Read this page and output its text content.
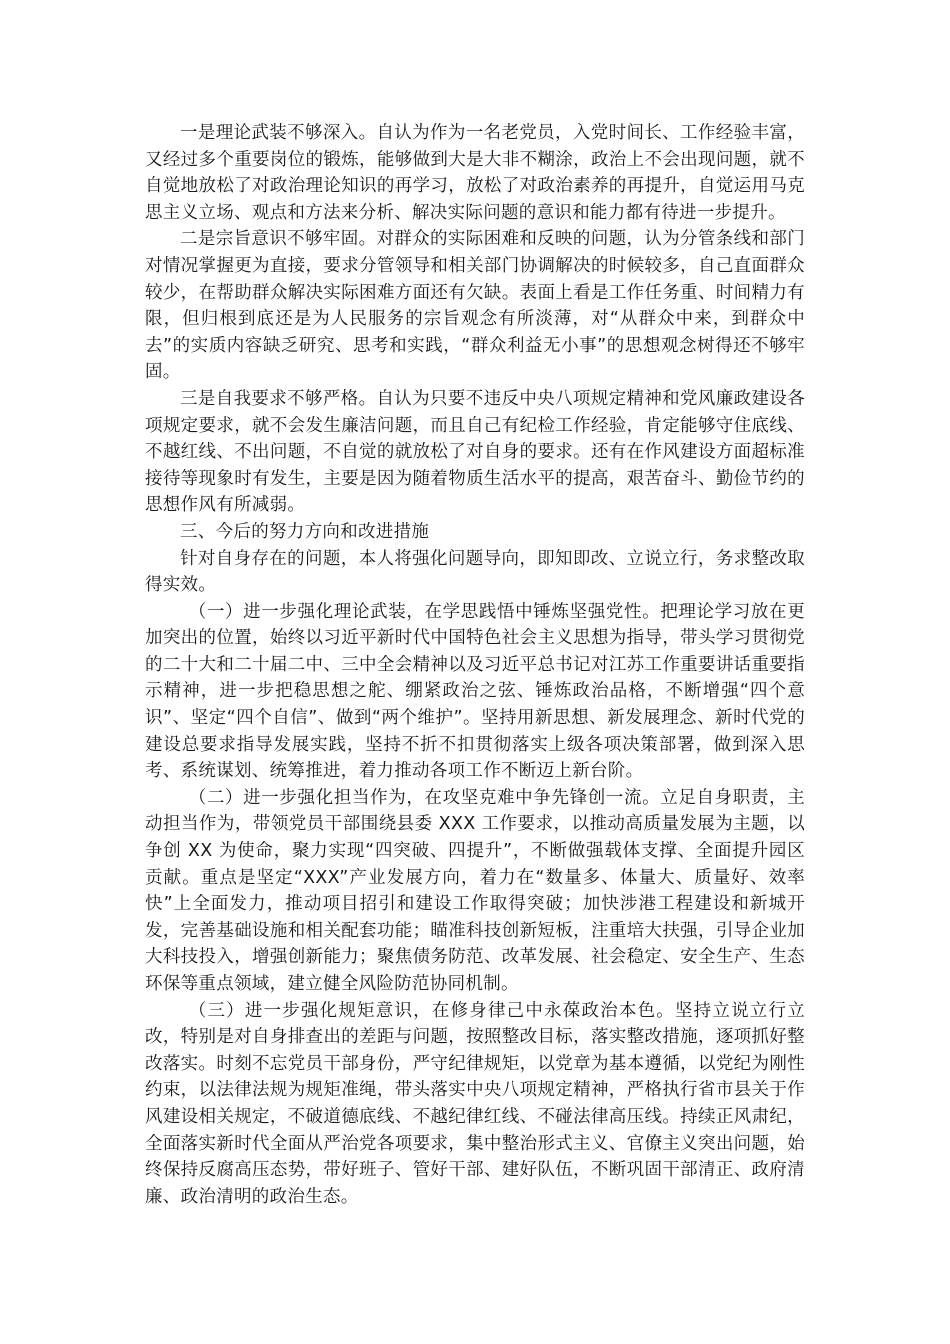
一是理论武装不够深入。自认为作为一名老党员，入党时间长、工作经验丰富，又经过多个重要岗位的锻炼，能够做到大是大非不糊涂，政治上不会出现问题，就不自觉地放松了对政治理论知识的再学习，放松了对政治素养的再提升，自觉运用马克思主义立场、观点和方法来分析、解决实际问题的意识和能力都有待进一步提升。

二是宗旨意识不够牢固。对群众的实际困难和反映的问题，认为分管条线和部门对情况掌握更为直接，要求分管领导和相关部门协调解决的时候较多，自己直面群众较少，在帮助群众解决实际困难方面还有欠缺。表面上看是工作任务重、时间精力有限，但归根到底还是为人民服务的宗旨观念有所淡薄，对“从群众中来，到群众中去”的实质内容缺乏研究、思考和实践，“群众利益无小事”的思想观念树得还不够牢固。

三是自我要求不够严格。自认为只要不违反中央八项规定精神和党风廉政建设各项规定要求，就不会发生廉洁问题，而且自己有纪检工作经验，肯定能够守住底线、不越红线、不出问题，不自觉的就放松了对自身的要求。还有在作风建设方面超标准接待等现象时有发生，主要是因为随着物质生活水平的提高，艰苦奋斗、勤俭节约的思想作风有所减弱。

三、今后的努力方向和改进措施

针对自身存在的问题，本人将强化问题导向，即知即改、立说立行，务求整改取得实效。

（一）进一步强化理论武装，在学思践悟中锤炼坚强党性。把理论学习放在更加突出的位置，始终以习近平新时代中国特色社会主义思想为指导，带头学习贯彻党的二十大和二十届二中、三中全会精神以及习近平总书记对江苏工作重要讲话重要指示精神，进一步把稳思想之舵、绷紧政治之弦、锤炼政治品格，不断增强“四个意识”、坚定“四个自信”、做到“两个维护”。坚持用新思想、新发展理念、新时代党的建设总要求指导发展实践，坚持不折不扣贯彻落实上级各项决策部署，做到深入思考、系统谋划、统筹推进，着力推动各项工作不断迈上新台阶。

（二）进一步强化担当作为，在攻坚克难中争先锋创一流。立足自身职责，主动担当作为，带领党员干部围绕县委 XXX 工作要求，以推动高质量发展为主题，以争创 XX 为使命，聚力实现“四突破、四提升”，不断做强载体支撑、全面提升园区贡献。重点是坚定“XXX”产业发展方向，着力在“数量多、体量大、质量好、效率快”上全面发力，推动项目招引和建设工作取得突破；加快涉港工程建设和新城开发，完善基础设施和相关配套功能；瞄准科技创新短板，注重培大扶强，引导企业加大科技投入，增强创新能力；聚焦债务防范、改革发展、社会稳定、安全生产、生态环保等重点领域，建立健全风险防范协同机制。

（三）进一步强化规矩意识，在修身律己中永葆政治本色。坚持立说立行立改，特别是对自身排查出的差距与问题，按照整改目标，落实整改措施，逐项抓好整改落实。时刻不忘党员干部身份，严守纪律规矩，以党章为基本遵循，以党纪为刚性约束，以法律法规为规矩准绳，带头落实中央八项规定精神，严格执行省市县关于作风建设相关规定，不破道德底线、不越纪律红线、不碰法律高压线。持续正风肃纪，全面落实新时代全面从严治党各项要求，集中整治形式主义、官僚主义突出问题，始终保持反腐高压态势，带好班子、管好干部、建好队伍，不断巩固干部清正、政府清廉、政治清明的政治生态。
